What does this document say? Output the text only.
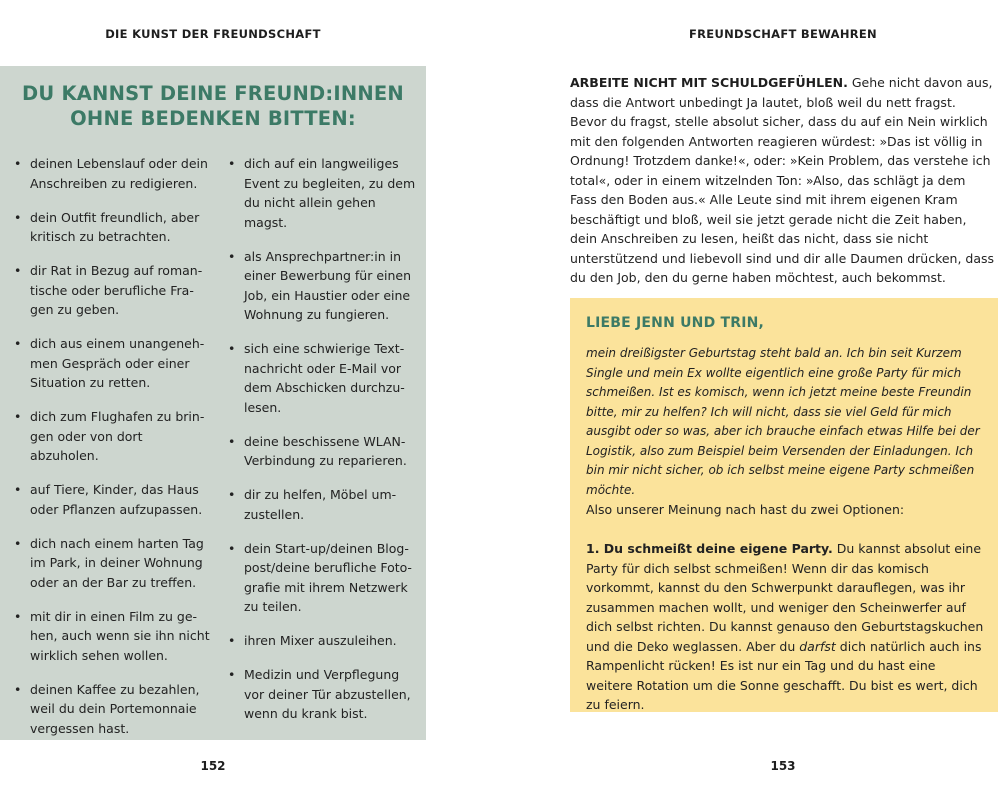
DIE KUNST DER FREUNDSCHAFT	FREUNDSCHAFT BEWAHREN
DU KANNST DEINE FREUND:INNEN
OHNE BEDENKEN BITTEN:
• deinen Lebenslauf oder dein Anschreiben zu redigieren.
• dein Outfit freundlich, aber kritisch zu betrachten.
• dir Rat in Bezug auf romantische oder berufliche Fragen zu geben.
• dich aus einem unangenehmen Gespräch oder einer Situation zu retten.
• dich zum Flughafen zu bringen oder von dort abzuholen.
• auf Tiere, Kinder, das Haus oder Pflanzen aufzupassen.
• dich nach einem harten Tag im Park, in deiner Wohnung oder an der Bar zu treffen.
• mit dir in einen Film zu gehen, auch wenn sie ihn nicht wirklich sehen wollen.
• deinen Kaffee zu bezahlen, weil du dein Portemonnaie vergessen hast.
• dich auf ein langweiliges Event zu begleiten, zu dem du nicht allein gehen magst.
• als Ansprechpartner:in in einer Bewerbung für einen Job, ein Haustier oder eine Wohnung zu fungieren.
• sich eine schwierige Textnachricht oder E-Mail vor dem Abschicken durchzulesen.
• deine beschissene WLAN-Verbindung zu reparieren.
• dir zu helfen, Möbel umzustellen.
• dein Start-up/deinen Blogpost/deine berufliche Fotografie mit ihrem Netzwerk zu teilen.
• ihren Mixer auszuleihen.
• Medizin und Verpflegung vor deiner Tür abzustellen, wenn du krank bist.
ARBEITE NICHT MIT SCHULDGEFÜHLEN. Gehe nicht davon aus, dass die Antwort unbedingt Ja lautet, bloß weil du nett fragst. Bevor du fragst, stelle absolut sicher, dass du auf ein Nein wirklich mit den folgenden Antworten reagieren würdest: »Das ist völlig in Ordnung! Trotzdem danke!«, oder: »Kein Problem, das verstehe ich total«, oder in einem witzelnden Ton: »Also, das schlägt ja dem Fass den Boden aus.« Alle Leute sind mit ihrem eigenen Kram beschäftigt und bloß, weil sie jetzt gerade nicht die Zeit haben, dein Anschreiben zu lesen, heißt das nicht, dass sie nicht unterstützend und liebevoll sind und dir alle Daumen drücken, dass du den Job, den du gerne haben möchtest, auch bekommst.
LIEBE JENN UND TRIN,
mein dreißigster Geburtstag steht bald an. Ich bin seit Kurzem Single und mein Ex wollte eigentlich eine große Party für mich schmeißen. Ist es komisch, wenn ich jetzt meine beste Freundin bitte, mir zu helfen? Ich will nicht, dass sie viel Geld für mich ausgibt oder so was, aber ich brauche einfach etwas Hilfe bei der Logistik, also zum Beispiel beim Versenden der Einladungen. Ich bin mir nicht sicher, ob ich selbst meine eigene Party schmeißen möchte.
Also unserer Meinung nach hast du zwei Optionen:
1. Du schmeißt deine eigene Party. Du kannst absolut eine Party für dich selbst schmeißen! Wenn dir das komisch vorkommt, kannst du den Schwerpunkt darauflegen, was ihr zusammen machen wollt, und weniger den Scheinwerfer auf dich selbst richten. Du kannst genauso den Geburtstagskuchen und die Deko weglassen. Aber du darfst dich natürlich auch ins Rampenlicht rücken! Es ist nur ein Tag und du hast eine weitere Rotation um die Sonne geschafft. Du bist es wert, dich zu feiern.
152	153
